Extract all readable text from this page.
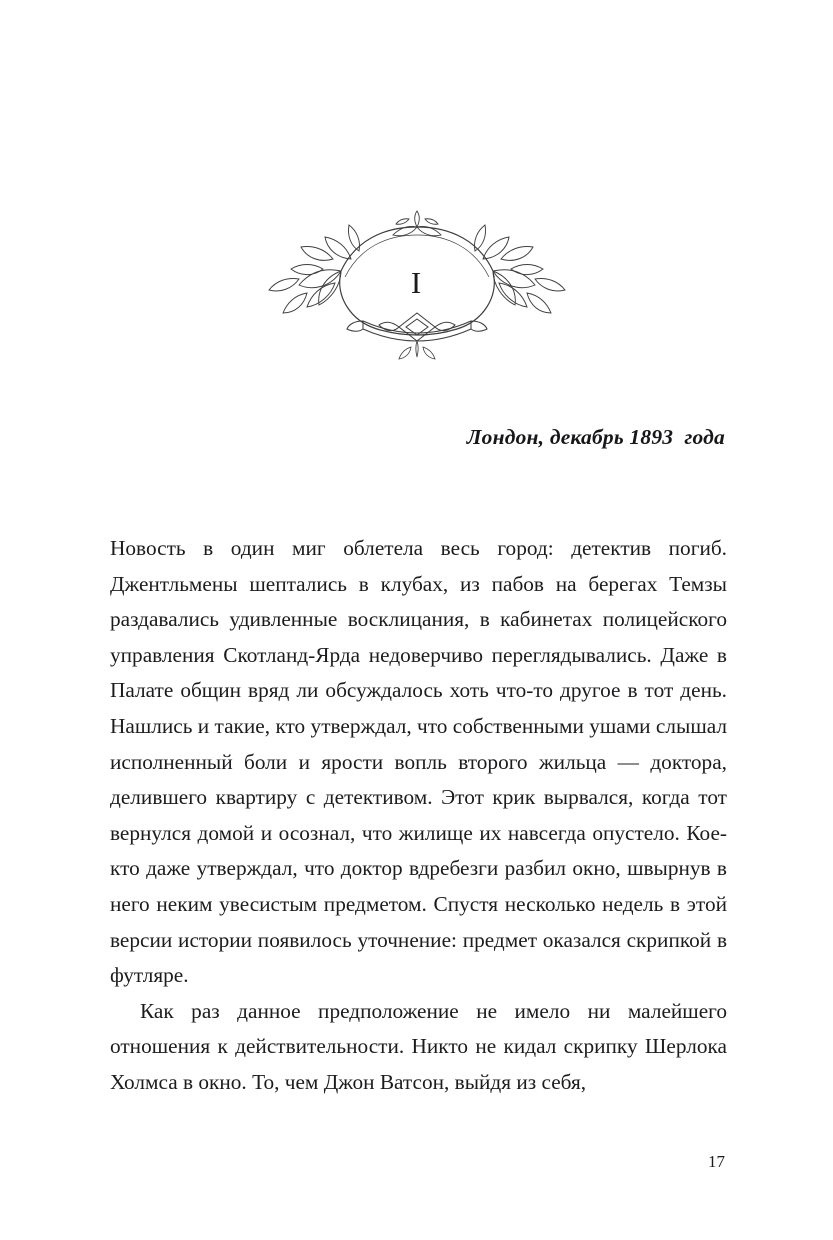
I
Лондон, декабрь 1893  года

Новость в один миг облетела весь город: детектив погиб. Джентльмены шептались в клубах, из пабов на берегах Темзы раздавались удивленные восклицания, в кабинетах полицейского управления Скотланд-Ярда недоверчиво переглядывались. Даже в Палате общин вряд ли обсуждалось хоть что-то другое в тот день. Нашлись и такие, кто утверждал, что собственными ушами слышал исполненный боли и ярости вопль второго жильца — доктора, делившего квартиру с детективом. Этот крик вырвался, когда тот вернулся домой и осознал, что жилище их навсегда опустело. Кое-кто даже утверждал, что доктор вдребезги разбил окно, швырнув в него неким увесистым предметом. Спустя несколько недель в этой версии истории появилось уточнение: предмет оказался скрипкой в футляре.

Как раз данное предположение не имело ни малейшего отношения к действительности. Никто не кидал скрипку Шерлока Холмса в окно. То, чем Джон Ватсон, выйдя из себя,

17
